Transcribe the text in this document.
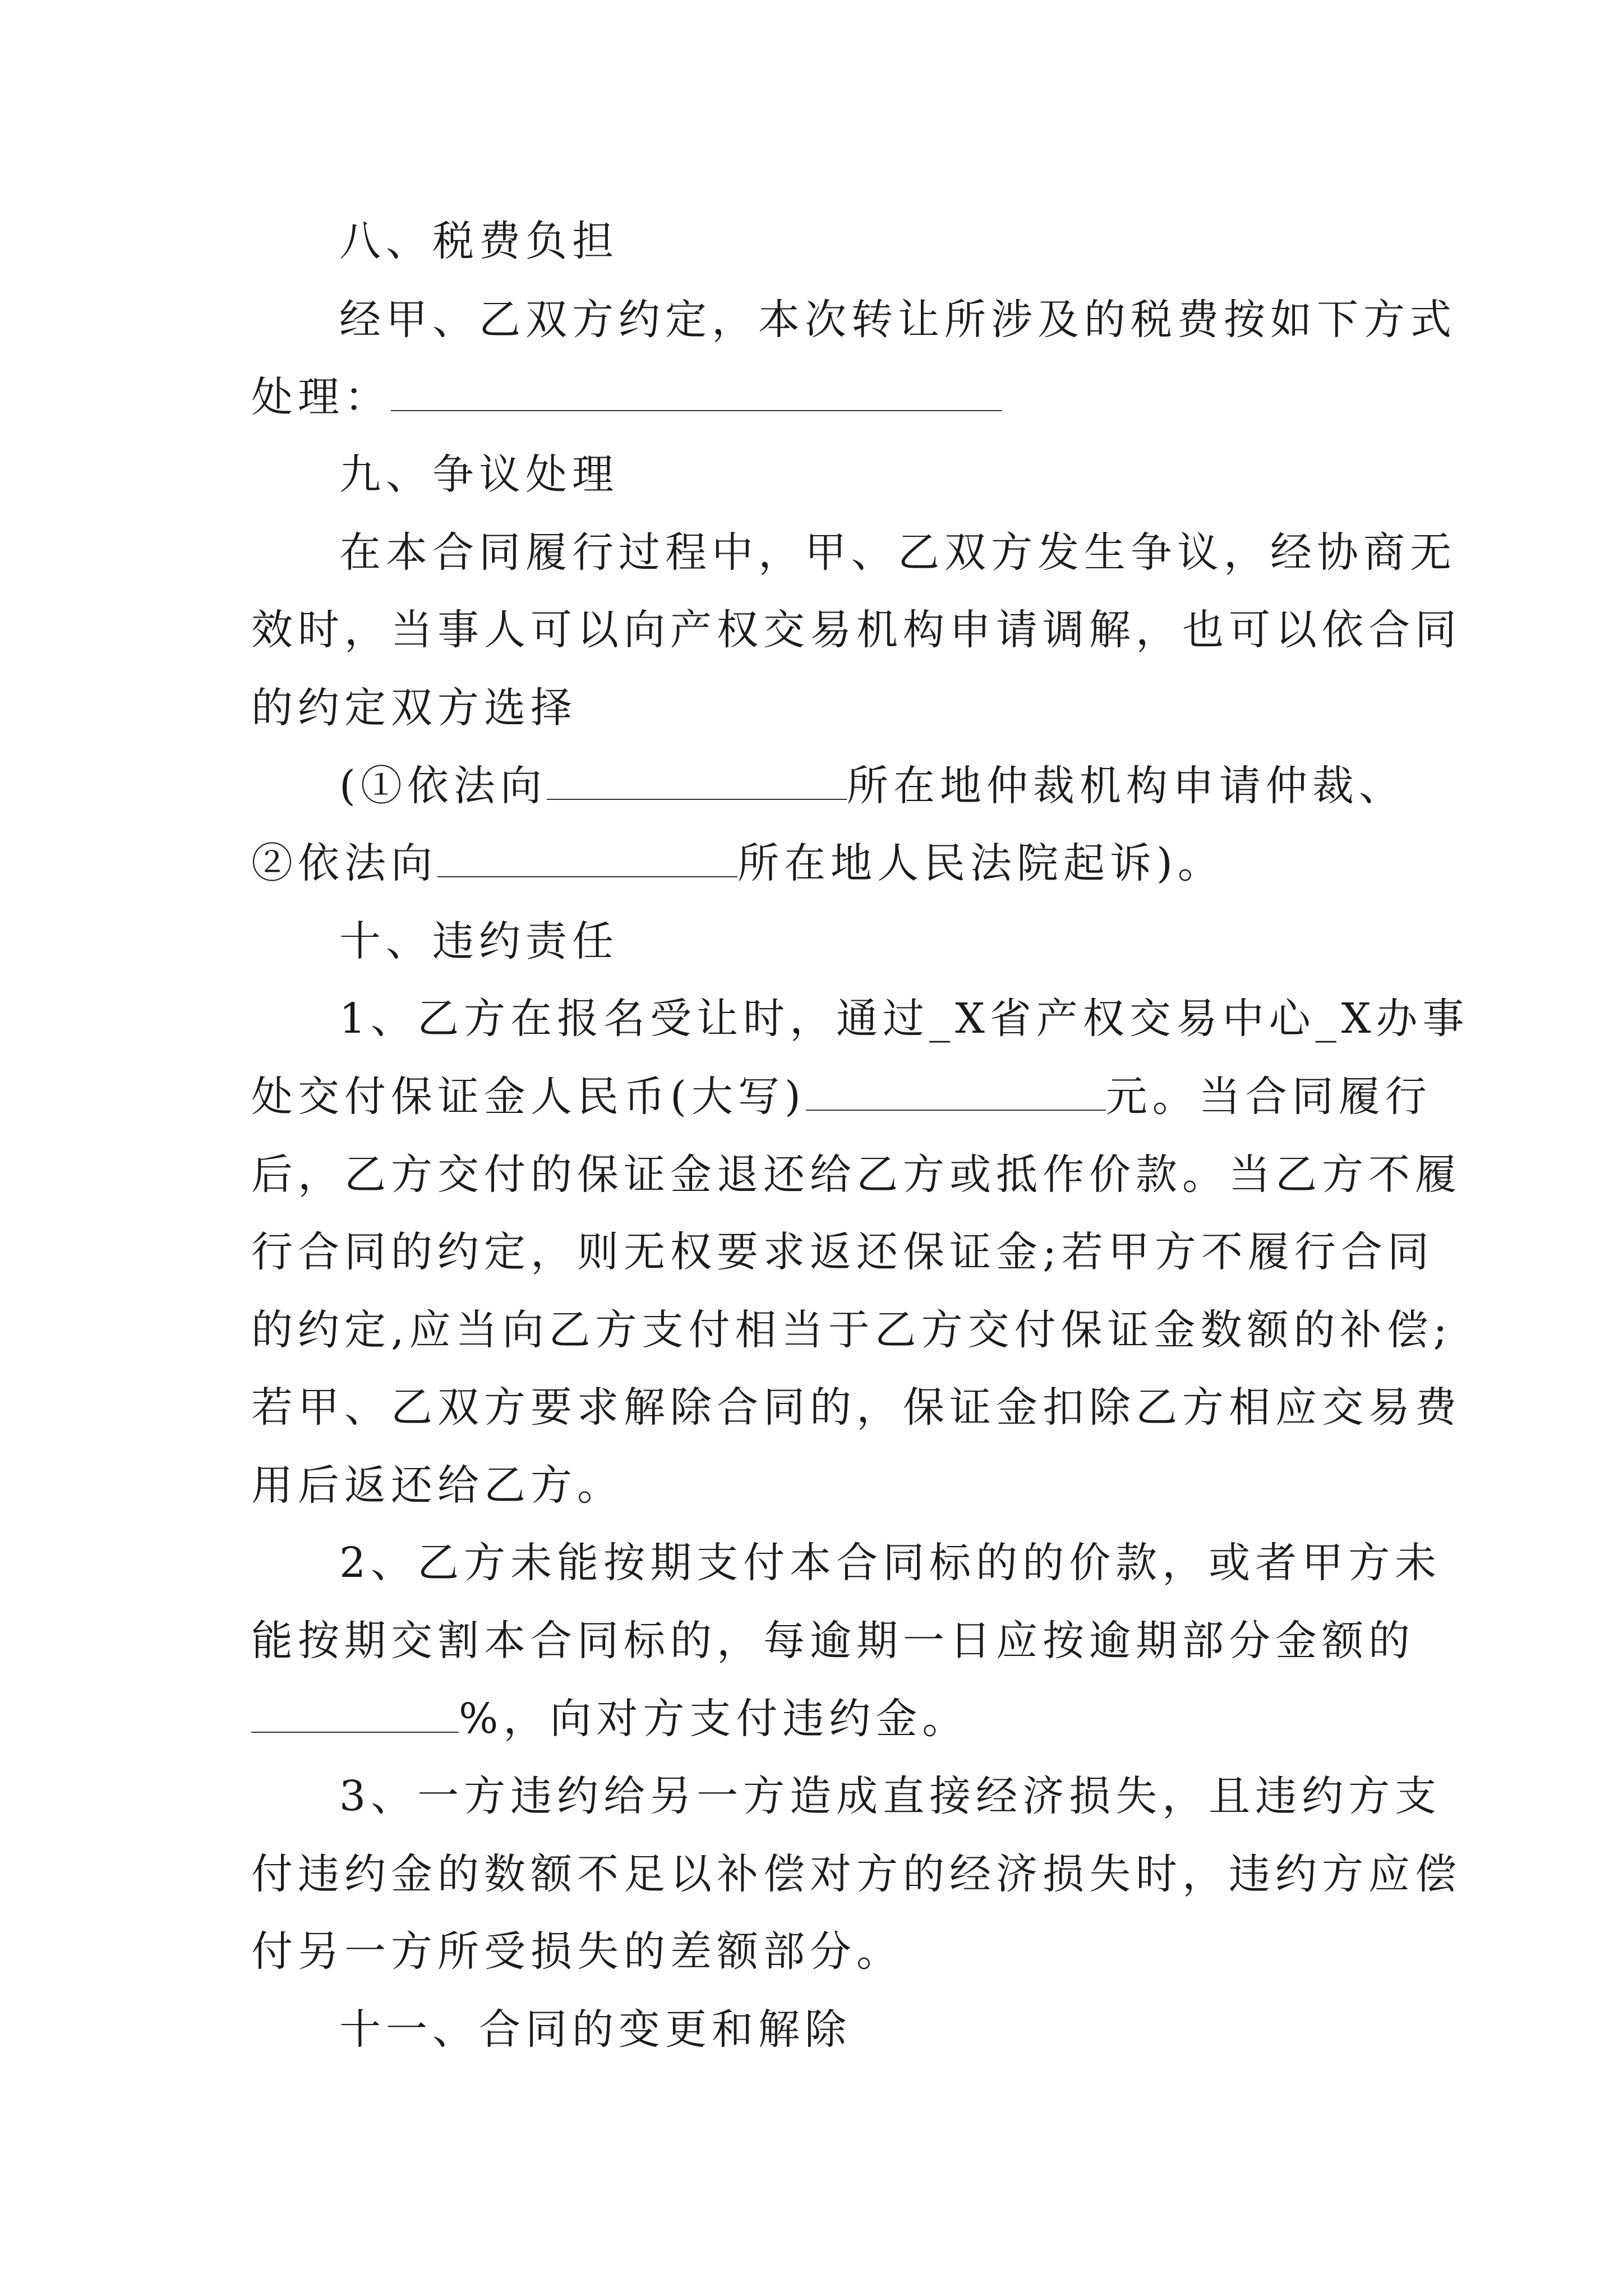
八、税费负担
经甲、乙双方约定，本次转让所涉及的税费按如下方式
处理：
九、争议处理
在本合同履行过程中，甲、乙双方发生争议，经协商无
效时，当事人可以向产权交易机构申请调解，也可以依合同
的约定双方选择
(①依法向	所在地仲裁机构申请仲裁、
②依法向	所在地人民法院起诉)。
十、违约责任
1、乙方在报名受让时，通过_X省产权交易中心_X办事
处交付保证金人民币(大写)	元。当合同履行
后，乙方交付的保证金退还给乙方或抵作价款。当乙方不履
行合同的约定，则无权要求返还保证金;若甲方不履行合同
的约定,应当向乙方支付相当于乙方交付保证金数额的补偿;
若甲、乙双方要求解除合同的，保证金扣除乙方相应交易费
用后返还给乙方。
2、乙方未能按期支付本合同标的的价款，或者甲方未
能按期交割本合同标的，每逾期一日应按逾期部分金额的
%，向对方支付违约金。
3、一方违约给另一方造成直接经济损失，且违约方支
付违约金的数额不足以补偿对方的经济损失时，违约方应偿
付另一方所受损失的差额部分。
十一、合同的变更和解除
